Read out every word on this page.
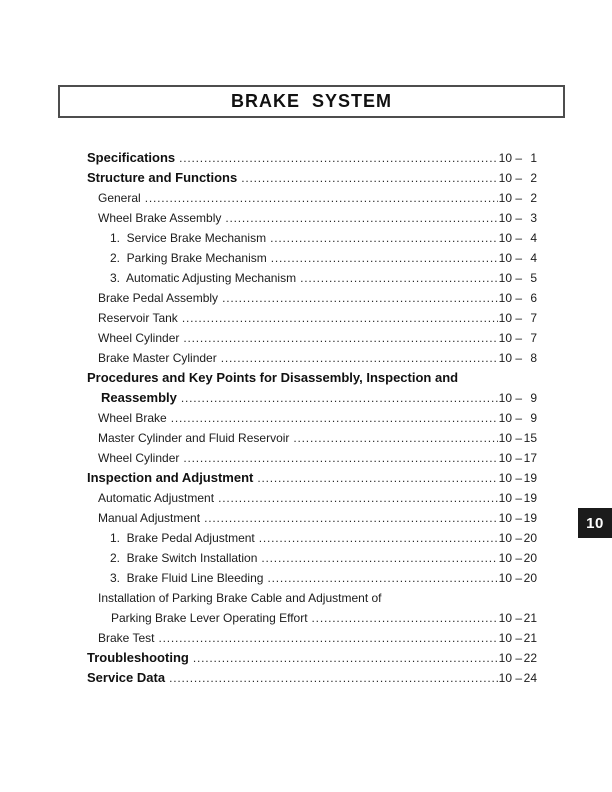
BRAKE  SYSTEM
Specifications .....	10 – 1
Structure and Functions .....	10 – 2
General .....	10 – 2
Wheel Brake Assembly .....	10 – 3
1.  Service Brake Mechanism .....	10 – 4
2.  Parking Brake Mechanism .....	10 – 4
3.  Automatic Adjusting Mechanism .....	10 – 5
Brake Pedal Assembly .....	10 – 6
Reservoir Tank .....	10 – 7
Wheel Cylinder .....	10 – 7
Brake Master Cylinder .....	10 – 8
Procedures and Key Points for Disassembly, Inspection and
Reassembly .....	10 – 9
Wheel Brake .....	10 – 9
Master Cylinder and Fluid Reservoir .....	10 – 15
Wheel Cylinder .....	10 – 17
Inspection and Adjustment .....	10 – 19
Automatic Adjustment .....	10 – 19
Manual Adjustment .....	10 – 19
1.  Brake Pedal Adjustment .....	10 – 20
2.  Brake Switch Installation .....	10 – 20
3.  Brake Fluid Line Bleeding .....	10 – 20
Installation of Parking Brake Cable and Adjustment of
Parking Brake Lever Operating Effort .....	10 – 21
Brake Test .....	10 – 21
Troubleshooting .....	10 – 22
Service Data .....	10 – 24
10
